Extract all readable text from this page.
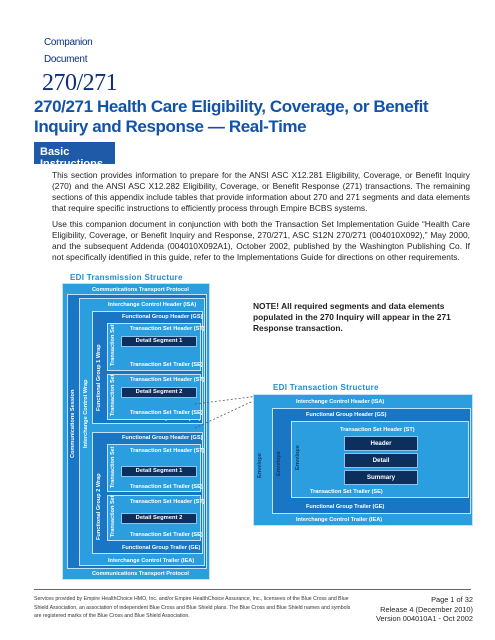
Companion
Document
270/271
270/271 Health Care Eligibility, Coverage, or Benefit Inquiry and Response — Real-Time
Basic Instructions
This section provides information to prepare for the ANSI ASC X12.281 Eligibility, Coverage, or Benefit Inquiry (270) and the ANSI ASC X12.282 Eligibility, Coverage, or Benefit Response (271) transactions. The remaining sections of this appendix include tables that provide information about 270 and 271 segments and data elements that require specific instructions to efficiently process through Empire BCBS systems.
Use this companion document in conjunction with both the Transaction Set Implementation Guide “Health Care Eligibility, Coverage, or Benefit Inquiry and Response, 270/271, ASC S12N 270/271 (004010X092),” May 2000, and the subsequent Addenda (004010X092A1), October 2002, published by the Washington Publishing Co. If not specifically identified in this guide, refer to the Implementations Guide for directions on other requirements.
EDI Transmission Structure
Communications Transport Protocol
Communications Transport Protocol
Communications Session
Interchange Control Header (ISA)
Interchange Control Trailer (IEA)
Interchange Control Wrap
Functional Group Header (GS)
Functional Group 1 Wrap
Transaction Set Header (ST)
Detail Segment 1
Transaction Set Trailer (SE)
Transaction Set
Transaction Set Header (ST)
Detail Segment 2
Transaction Set Trailer (SE)
Transaction Set
Functional Group Header (GS)
Functional Group Trailer (GE)
Functional Group 2 Wrap
Transaction Set Header (ST)
Detail Segment 1
Transaction Set Trailer (SE)
Transaction Set
Transaction Set Header (ST)
Detail Segment 2
Transaction Set Trailer (SE)
Transaction Set
NOTE! All required segments and data elements populated in the 270 Inquiry will appear in the 271 Response transaction.
EDI Transaction Structure
Interchange Control Header (ISA)
Interchange Control Trailer (IEA)
Envelope
Functional Group Header (GS)
Functional Group Trailer (GE)
Envelope
Transaction Set Header (ST)
Transaction Set Trailer (SE)
Envelope
Header
Detail
Summary
Services provided by Empire HealthChoice HMO, Inc. and/or Empire HealthChoice Assurance, Inc., licensees of the Blue Cross and Blue Shield Association, an association of independent Blue Cross and Blue Shield plans. The Blue Cross and Blue Shield names and symbols are registered marks of the Blue Cross and Blue Shield Association.
Page 1 of 32
Release 4 (December 2010)
Version 004010A1 - Oct 2002
